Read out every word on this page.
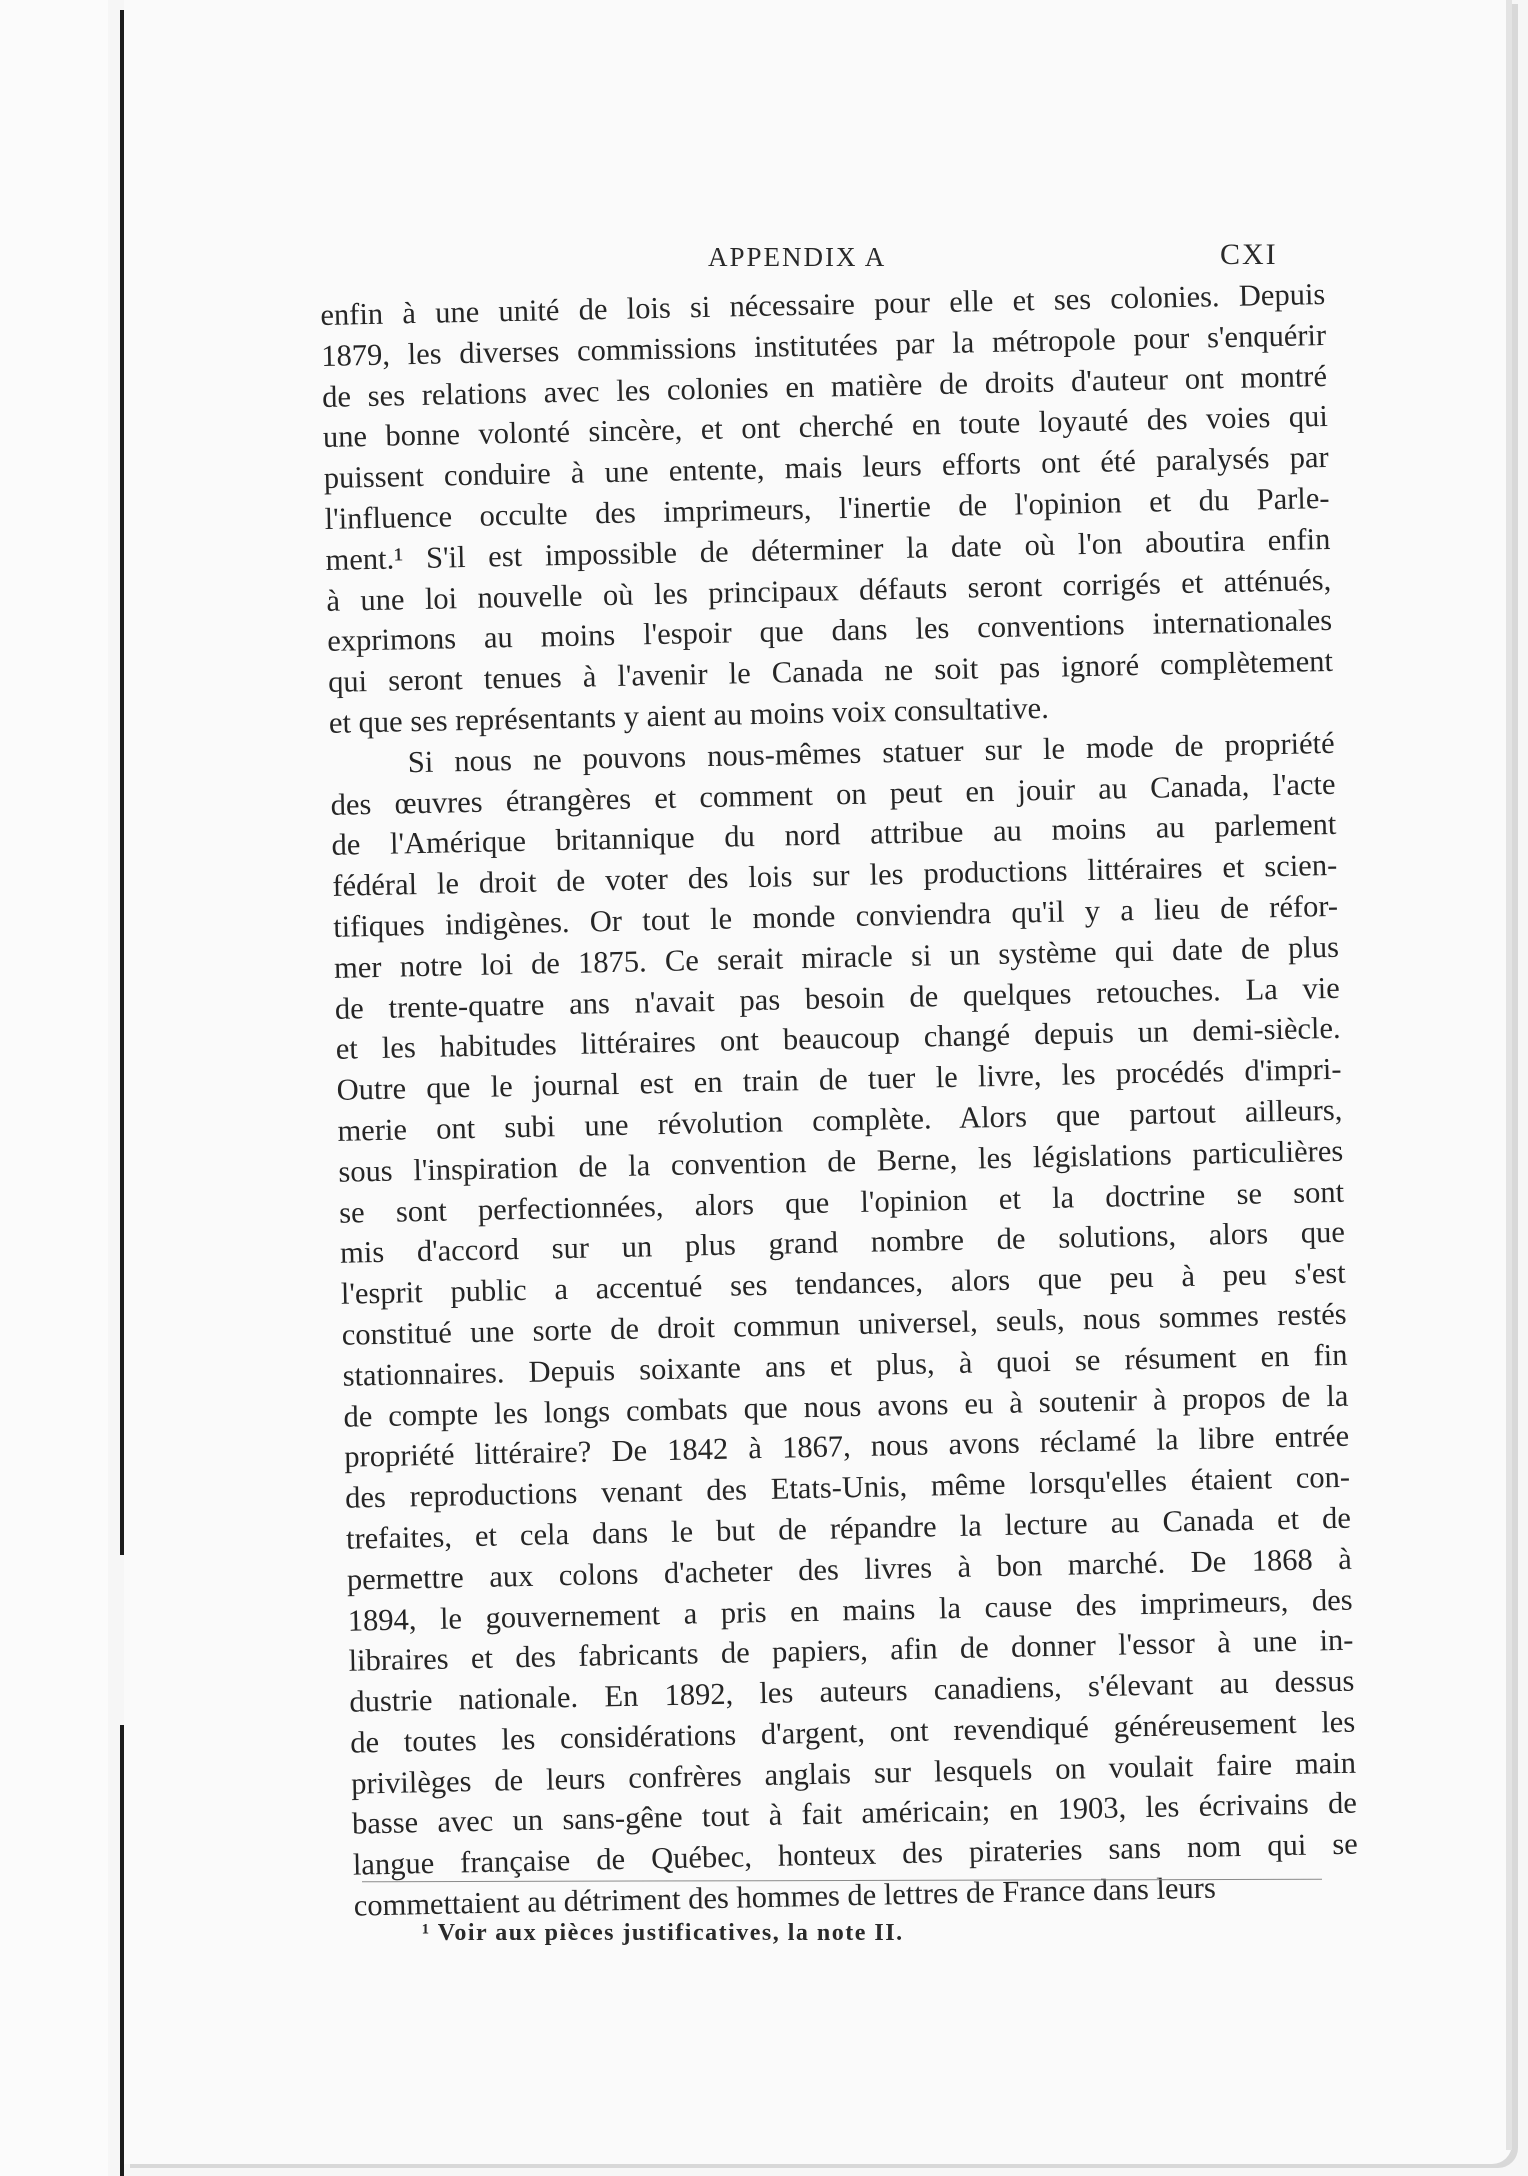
APPENDIX A	CXI
enfin à une unité de lois si nécessaire pour elle et ses colonies. Depuis
1879, les diverses commissions institutées par la métropole pour s'enquérir
de ses relations avec les colonies en matière de droits d'auteur ont montré
une bonne volonté sincère, et ont cherché en toute loyauté des voies qui
puissent conduire à une entente, mais leurs efforts ont été paralysés par
l'influence occulte des imprimeurs, l'inertie de l'opinion et du Parle-
ment.¹ S'il est impossible de déterminer la date où l'on aboutira enfin
à une loi nouvelle où les principaux défauts seront corrigés et atténués,
exprimons au moins l'espoir que dans les conventions internationales
qui seront tenues à l'avenir le Canada ne soit pas ignoré complètement
et que ses représentants y aient au moins voix consultative.
Si nous ne pouvons nous-mêmes statuer sur le mode de propriété
des œuvres étrangères et comment on peut en jouir au Canada, l'acte
de l'Amérique britannique du nord attribue au moins au parlement
fédéral le droit de voter des lois sur les productions littéraires et scien-
tifiques indigènes. Or tout le monde conviendra qu'il y a lieu de réfor-
mer notre loi de 1875. Ce serait miracle si un système qui date de plus
de trente-quatre ans n'avait pas besoin de quelques retouches. La vie
et les habitudes littéraires ont beaucoup changé depuis un demi-siècle.
Outre que le journal est en train de tuer le livre, les procédés d'impri-
merie ont subi une révolution complète. Alors que partout ailleurs,
sous l'inspiration de la convention de Berne, les législations particulières
se sont perfectionnées, alors que l'opinion et la doctrine se sont
mis d'accord sur un plus grand nombre de solutions, alors que
l'esprit public a accentué ses tendances, alors que peu à peu s'est
constitué une sorte de droit commun universel, seuls, nous sommes restés
stationnaires. Depuis soixante ans et plus, à quoi se résument en fin
de compte les longs combats que nous avons eu à soutenir à propos de la
propriété littéraire? De 1842 à 1867, nous avons réclamé la libre entrée
des reproductions venant des Etats-Unis, même lorsqu'elles étaient con-
trefaites, et cela dans le but de répandre la lecture au Canada et de
permettre aux colons d'acheter des livres à bon marché. De 1868 à
1894, le gouvernement a pris en mains la cause des imprimeurs, des
libraires et des fabricants de papiers, afin de donner l'essor à une in-
dustrie nationale. En 1892, les auteurs canadiens, s'élevant au dessus
de toutes les considérations d'argent, ont revendiqué généreusement les
privilèges de leurs confrères anglais sur lesquels on voulait faire main
basse avec un sans-gêne tout à fait américain; en 1903, les écrivains de
langue française de Québec, honteux des pirateries sans nom qui se
commettaient au détriment des hommes de lettres de France dans leurs
¹ Voir aux pièces justificatives, la note II.
